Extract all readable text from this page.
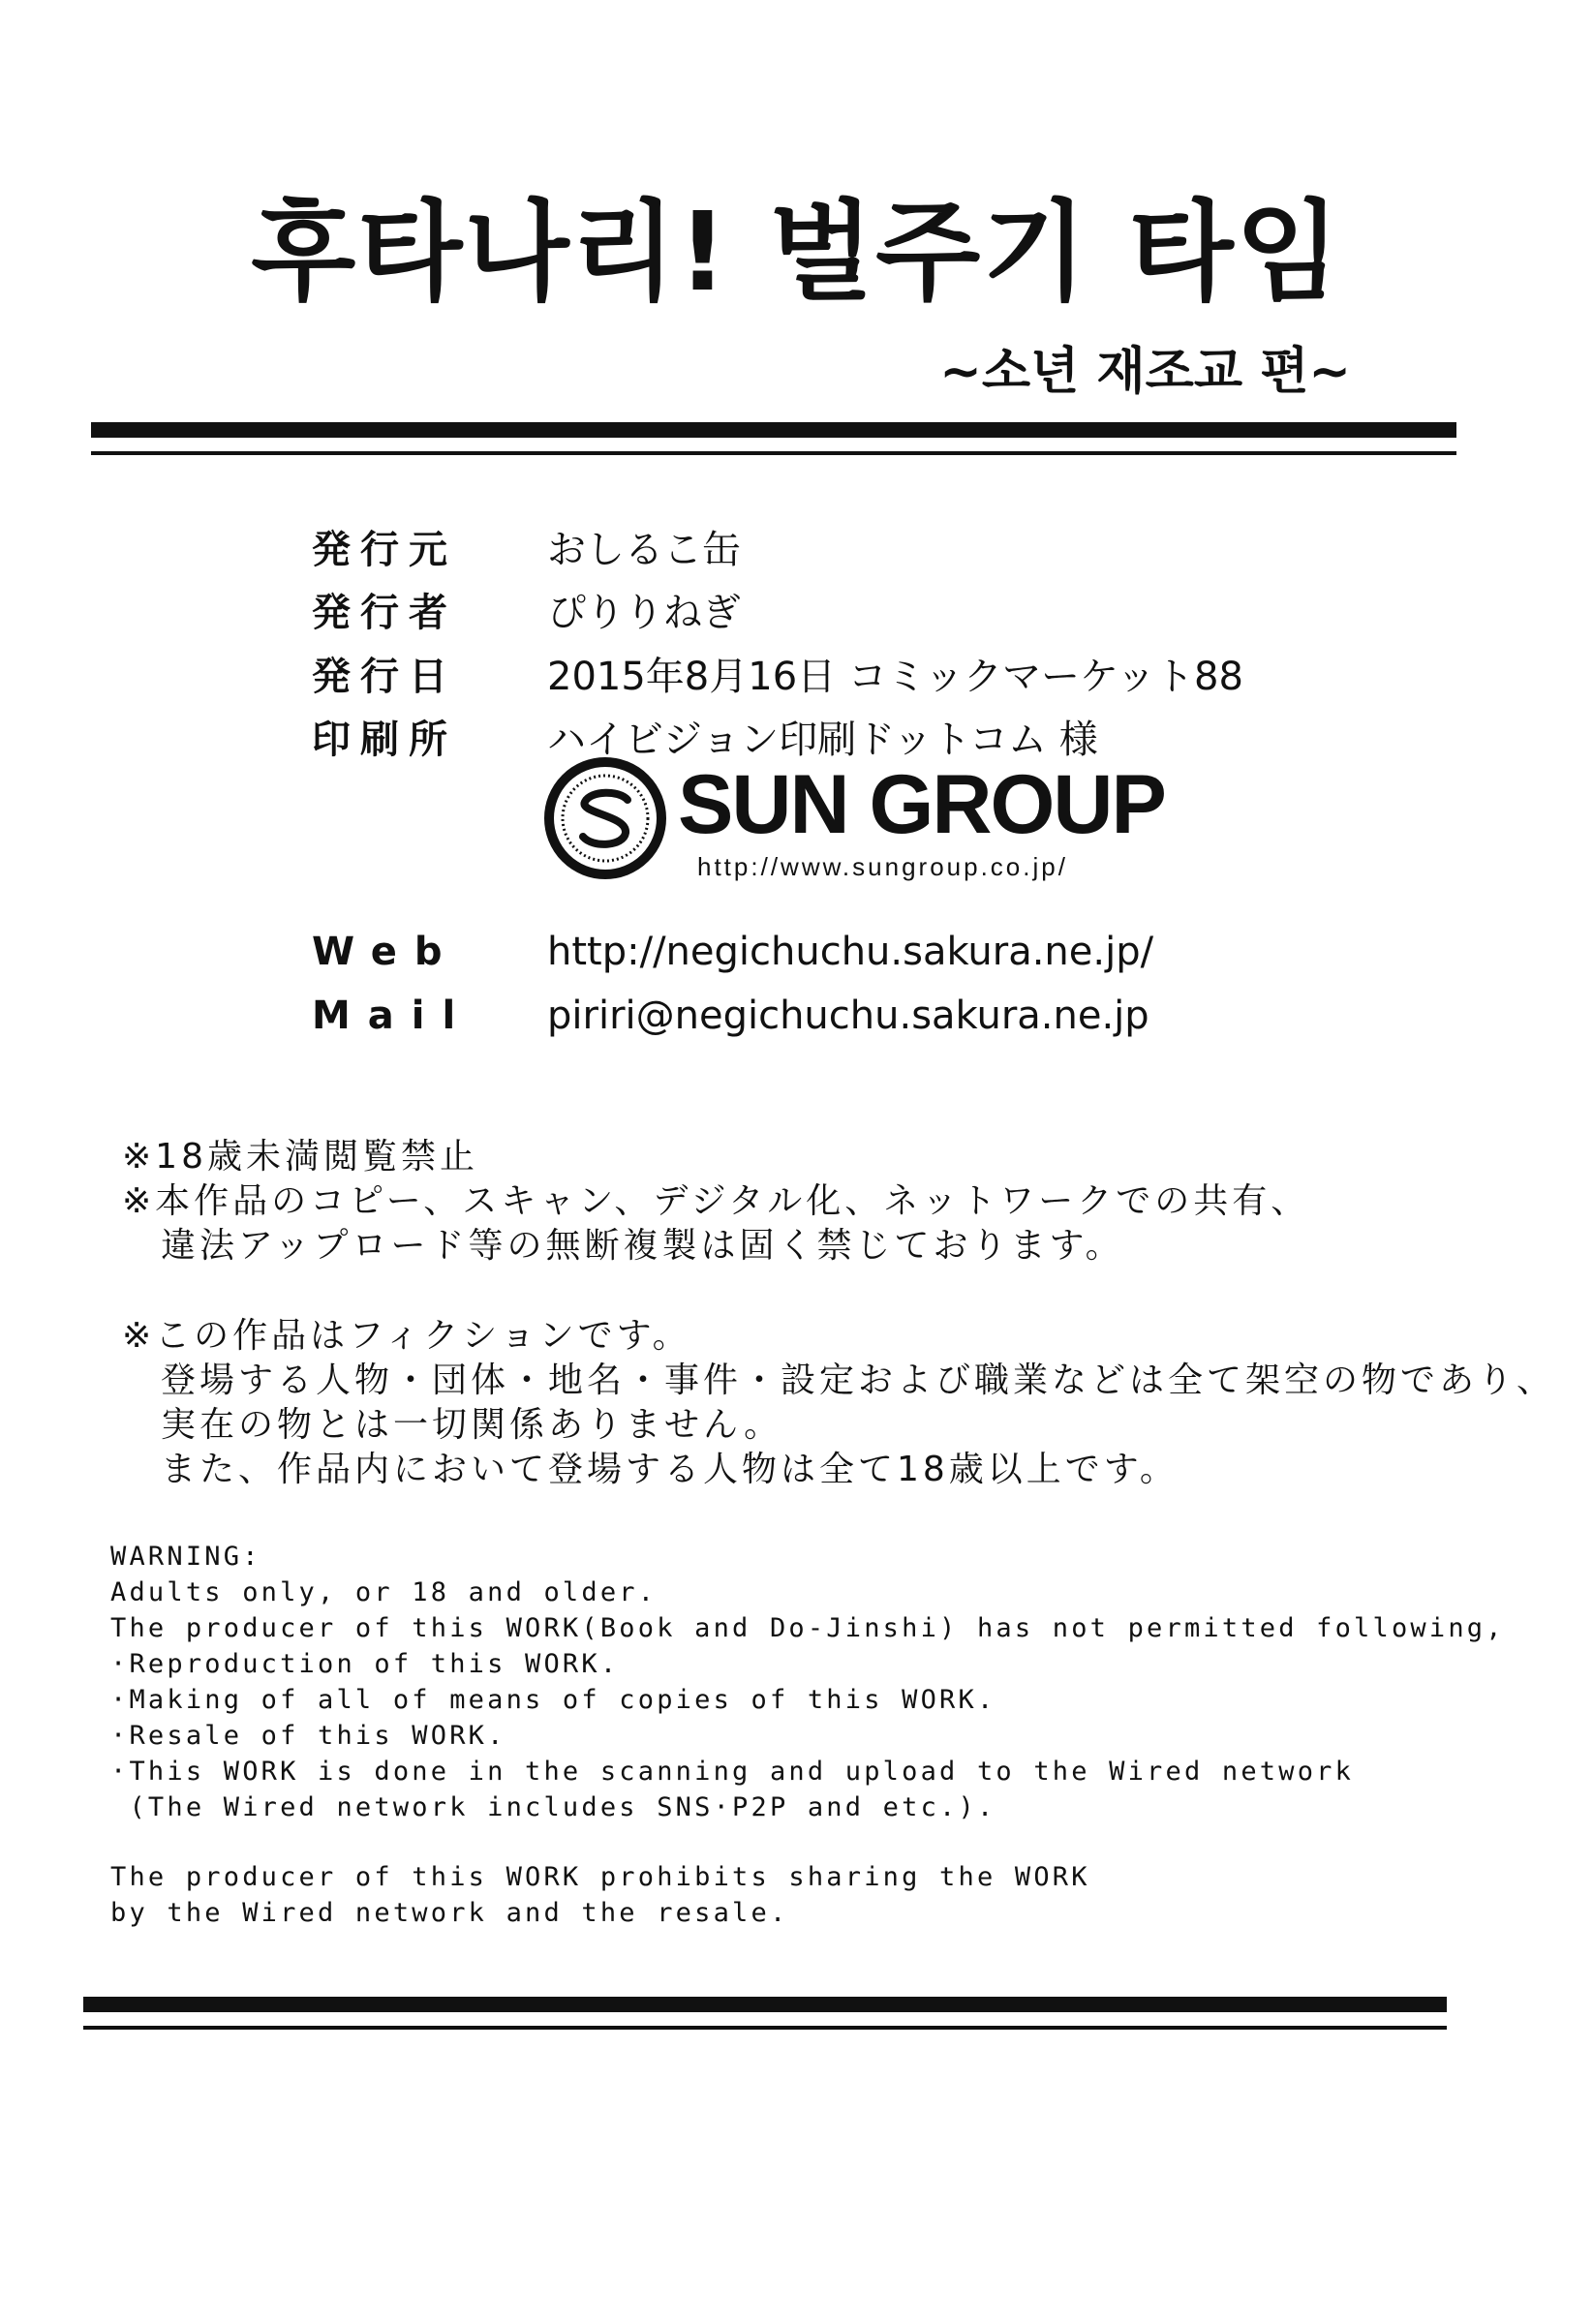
후타나리! 벌주기 타임
~소년 재조교 편~
発行元	おしるこ缶
発行者	ぴりりねぎ
発行日	2015年8月16日 コミックマーケット88
印刷所	ハイビジョン印刷ドットコム 様
SUN GROUP
http://www.sungroup.co.jp/
Web	http://negichuchu.sakura.ne.jp/
Mail	piriri@negichuchu.sakura.ne.jp
※18歳未満閲覧禁止
※本作品のコピー、スキャン、デジタル化、ネットワークでの共有、
　違法アップロード等の無断複製は固く禁じております。
※この作品はフィクションです。
　登場する人物・団体・地名・事件・設定および職業などは全て架空の物であり、
　実在の物とは一切関係ありません。
　また、作品内において登場する人物は全て18歳以上です。
WARNING:
Adults only, or 18 and older.
The producer of this WORK(Book and Do-Jinshi) has not permitted following,
·Reproduction of this WORK.
·Making of all of means of copies of this WORK.
·Resale of this WORK.
·This WORK is done in the scanning and upload to the Wired network
(The Wired network includes SNS·P2P and etc.).
The producer of this WORK prohibits sharing the WORK
by the Wired network and the resale.
